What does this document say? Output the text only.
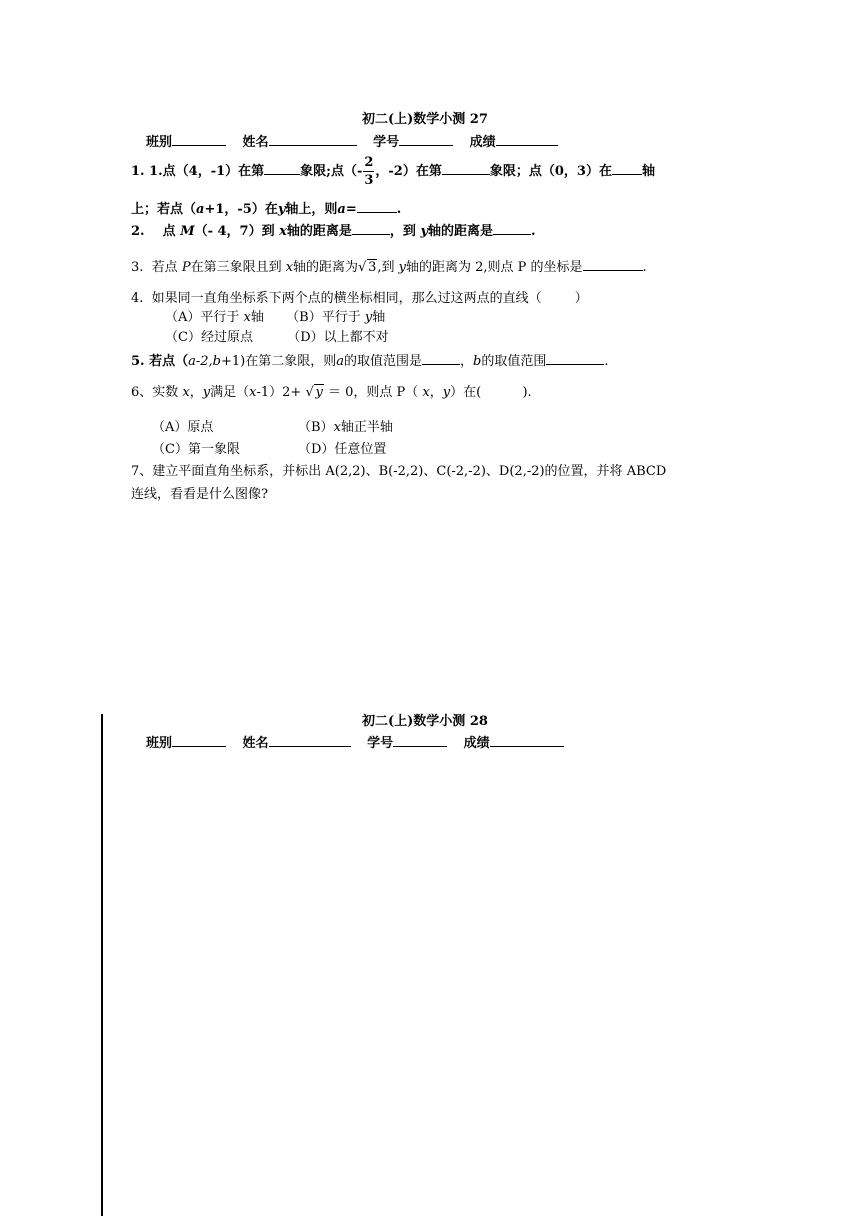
初二(上)数学小测 27
班别	姓名	学号	成绩
1. 1.点（4，-1）在第	象限;点（- $\frac{2}{3}$ ，-2）在第	象限；点（0，3）在 轴
上；若点（a+1，-5）在y轴上，则a=	.
2.    点 M（- 4，7）到 x轴的距离是	，到 y轴的距离是	.
3.  若点 P在第三象限且到 x轴的距离为 √ 3,到 y轴的距离为 2,则点 P 的坐标是	.
4.  如果同一直角坐标系下两个点的横坐标相同，那么过这两点的直线（        ）
（A）平行于 x轴 （B）平行于 y轴
（C）经过原点	（D）以上都不对
5. 若点（a-2,b+1)在第二象限，则a的取值范围是	，b的取值范围	.
6、实数 x，y满足（x-1）2+ √ y ＝ 0，则点 P（ x，y）在(          ).
（A）原点	（B）x轴正半轴
（C）第一象限	（D）任意位置
7、建立平面直角坐标系，并标出 A(2,2)、B(-2,2)、C(-2,-2)、D(2,-2)的位置，并将 ABCD
连线，看看是什么图像?
初二(上)数学小测 28
班别	姓名	学号	成绩
